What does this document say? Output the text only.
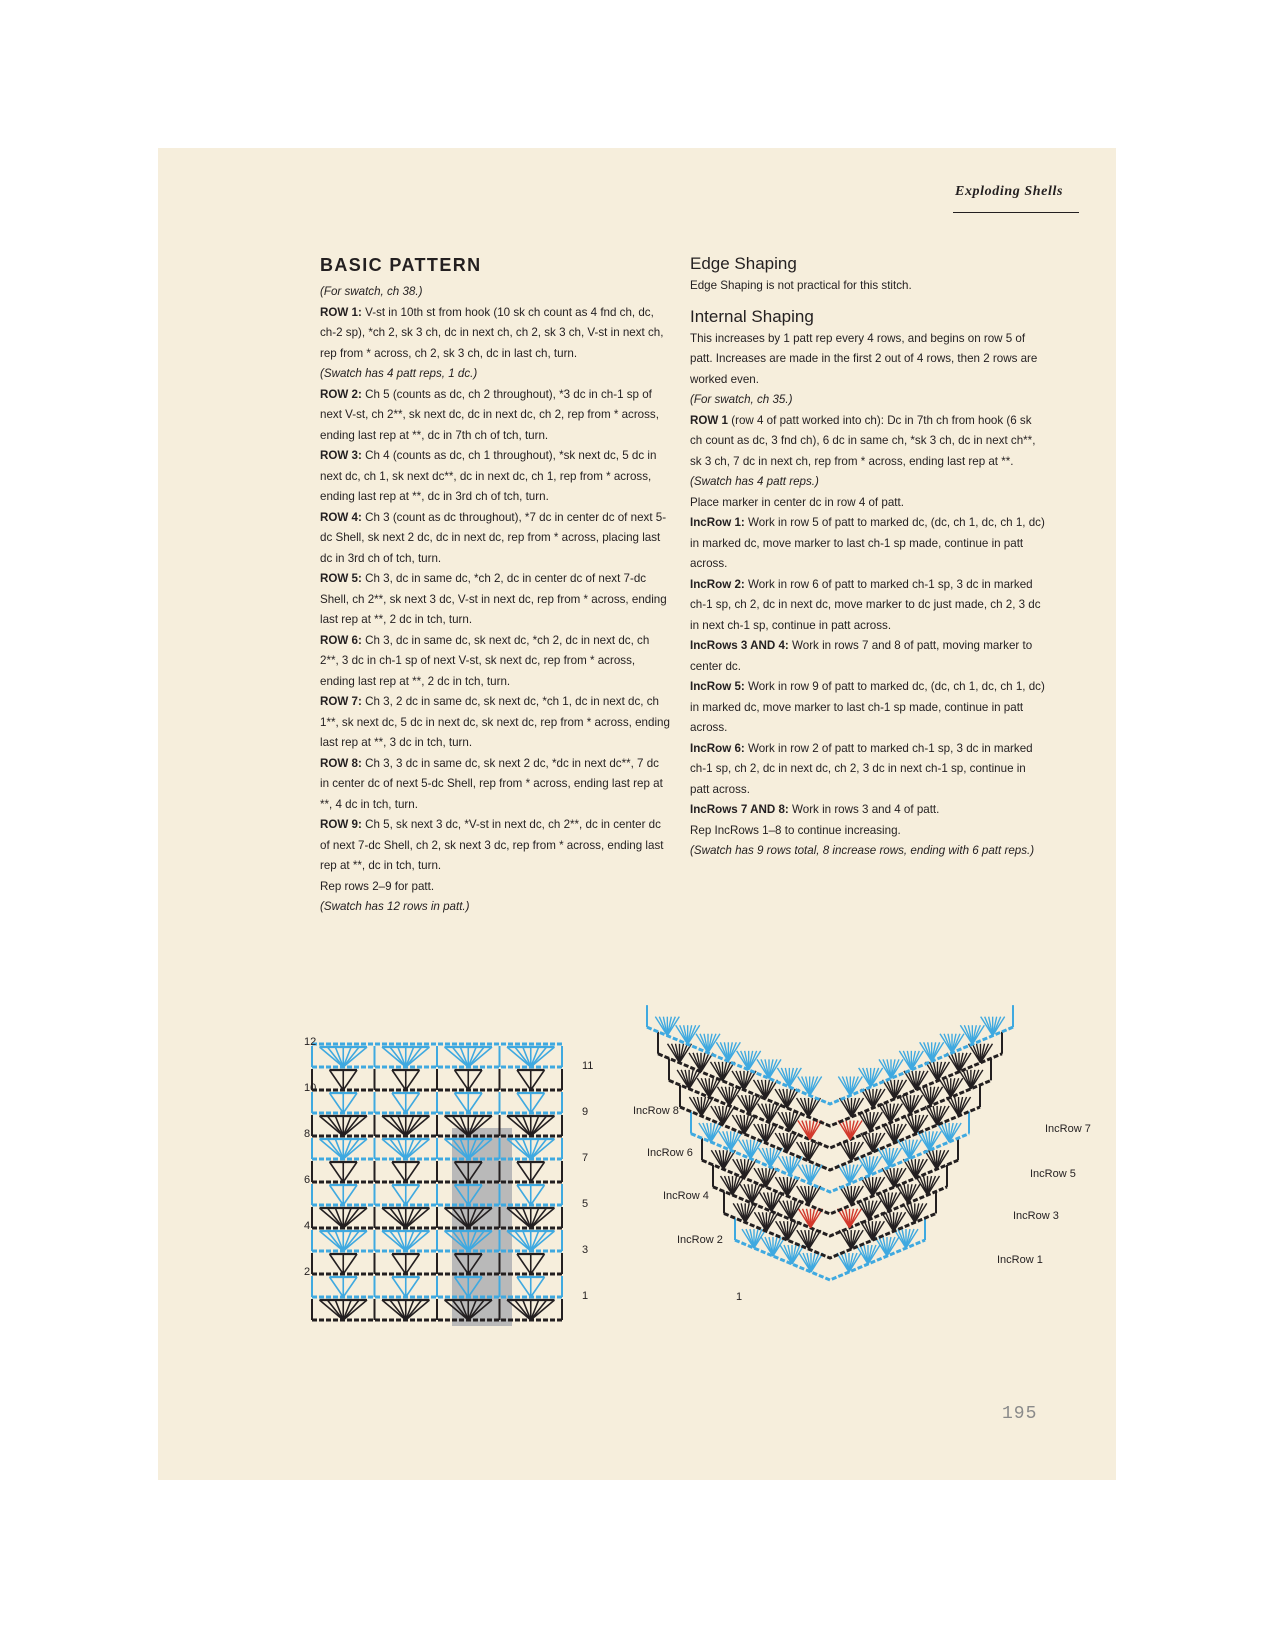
Exploding Shells
BASIC PATTERN

(For swatch, ch 38.)

ROW 1: V-st in 10th st from hook (10 sk ch count as 4 fnd ch, dc, ch-2 sp), *ch 2, sk 3 ch, dc in next ch, ch 2, sk 3 ch, V-st in next ch, rep from * across, ch 2, sk 3 ch, dc in last ch, turn.

(Swatch has 4 patt reps, 1 dc.)

ROW 2: Ch 5 (counts as dc, ch 2 throughout), *3 dc in ch-1 sp of next V-st, ch 2**, sk next dc, dc in next dc, ch 2, rep from * across, ending last rep at **, dc in 7th ch of tch, turn.

ROW 3: Ch 4 (counts as dc, ch 1 throughout), *sk next dc, 5 dc in next dc, ch 1, sk next dc**, dc in next dc, ch 1, rep from * across, ending last rep at **, dc in 3rd ch of tch, turn.

ROW 4: Ch 3 (count as dc throughout), *7 dc in center dc of next 5-dc Shell, sk next 2 dc, dc in next dc, rep from * across, placing last dc in 3rd ch of tch, turn.

ROW 5: Ch 3, dc in same dc, *ch 2, dc in center dc of next 7-dc Shell, ch 2**, sk next 3 dc, V-st in next dc, rep from * across, ending last rep at **, 2 dc in tch, turn.

ROW 6: Ch 3, dc in same dc, sk next dc, *ch 2, dc in next dc, ch 2**, 3 dc in ch-1 sp of next V-st, sk next dc, rep from * across, ending last rep at **, 2 dc in tch, turn.

ROW 7: Ch 3, 2 dc in same dc, sk next dc, *ch 1, dc in next dc, ch 1**, sk next dc, 5 dc in next dc, sk next dc, rep from * across, ending last rep at **, 3 dc in tch, turn.

ROW 8: Ch 3, 3 dc in same dc, sk next 2 dc, *dc in next dc**, 7 dc in center dc of next 5-dc Shell, rep from * across, ending last rep at **, 4 dc in tch, turn.

ROW 9: Ch 5, sk next 3 dc, *V-st in next dc, ch 2**, dc in center dc of next 7-dc Shell, ch 2, sk next 3 dc, rep from * across, ending last rep at **, dc in tch, turn.

Rep rows 2–9 for patt.

(Swatch has 12 rows in patt.)

Edge Shaping

Edge Shaping is not practical for this stitch.

Internal Shaping

This increases by 1 patt rep every 4 rows, and begins on row 5 of patt. Increases are made in the first 2 out of 4 rows, then 2 rows are worked even.

(For swatch, ch 35.)

ROW 1 (row 4 of patt worked into ch): Dc in 7th ch from hook (6 sk ch count as dc, 3 fnd ch), 6 dc in same ch, *sk 3 ch, dc in next ch**, sk 3 ch, 7 dc in next ch, rep from * across, ending last rep at **.

(Swatch has 4 patt reps.)

Place marker in center dc in row 4 of patt.

IncRow 1: Work in row 5 of patt to marked dc, (dc, ch 1, dc, ch 1, dc) in marked dc, move marker to last ch-1 sp made, continue in patt across.

IncRow 2: Work in row 6 of patt to marked ch-1 sp, 3 dc in marked ch-1 sp, ch 2, dc in next dc, move marker to dc just made, ch 2, 3 dc in next ch-1 sp, continue in patt across.

IncRows 3 AND 4: Work in rows 7 and 8 of patt, moving marker to center dc.

IncRow 5: Work in row 9 of patt to marked dc, (dc, ch 1, dc, ch 1, dc) in marked dc, move marker to last ch-1 sp made, continue in patt across.

IncRow 6: Work in row 2 of patt to marked ch-1 sp, 3 dc in marked ch-1 sp, ch 2, dc in next dc, ch 2, 3 dc in next ch-1 sp, continue in patt across.

IncRows 7 AND 8: Work in rows 3 and 4 of patt.

Rep IncRows 1–8 to continue increasing.

(Swatch has 9 rows total, 8 increase rows, ending with 6 patt reps.)

12
10
8
6
4
2
11
9
7
5
3
1
IncRow 8
IncRow 6
IncRow 4
IncRow 2
IncRow 7
IncRow 5
IncRow 3
IncRow 1
1
195
